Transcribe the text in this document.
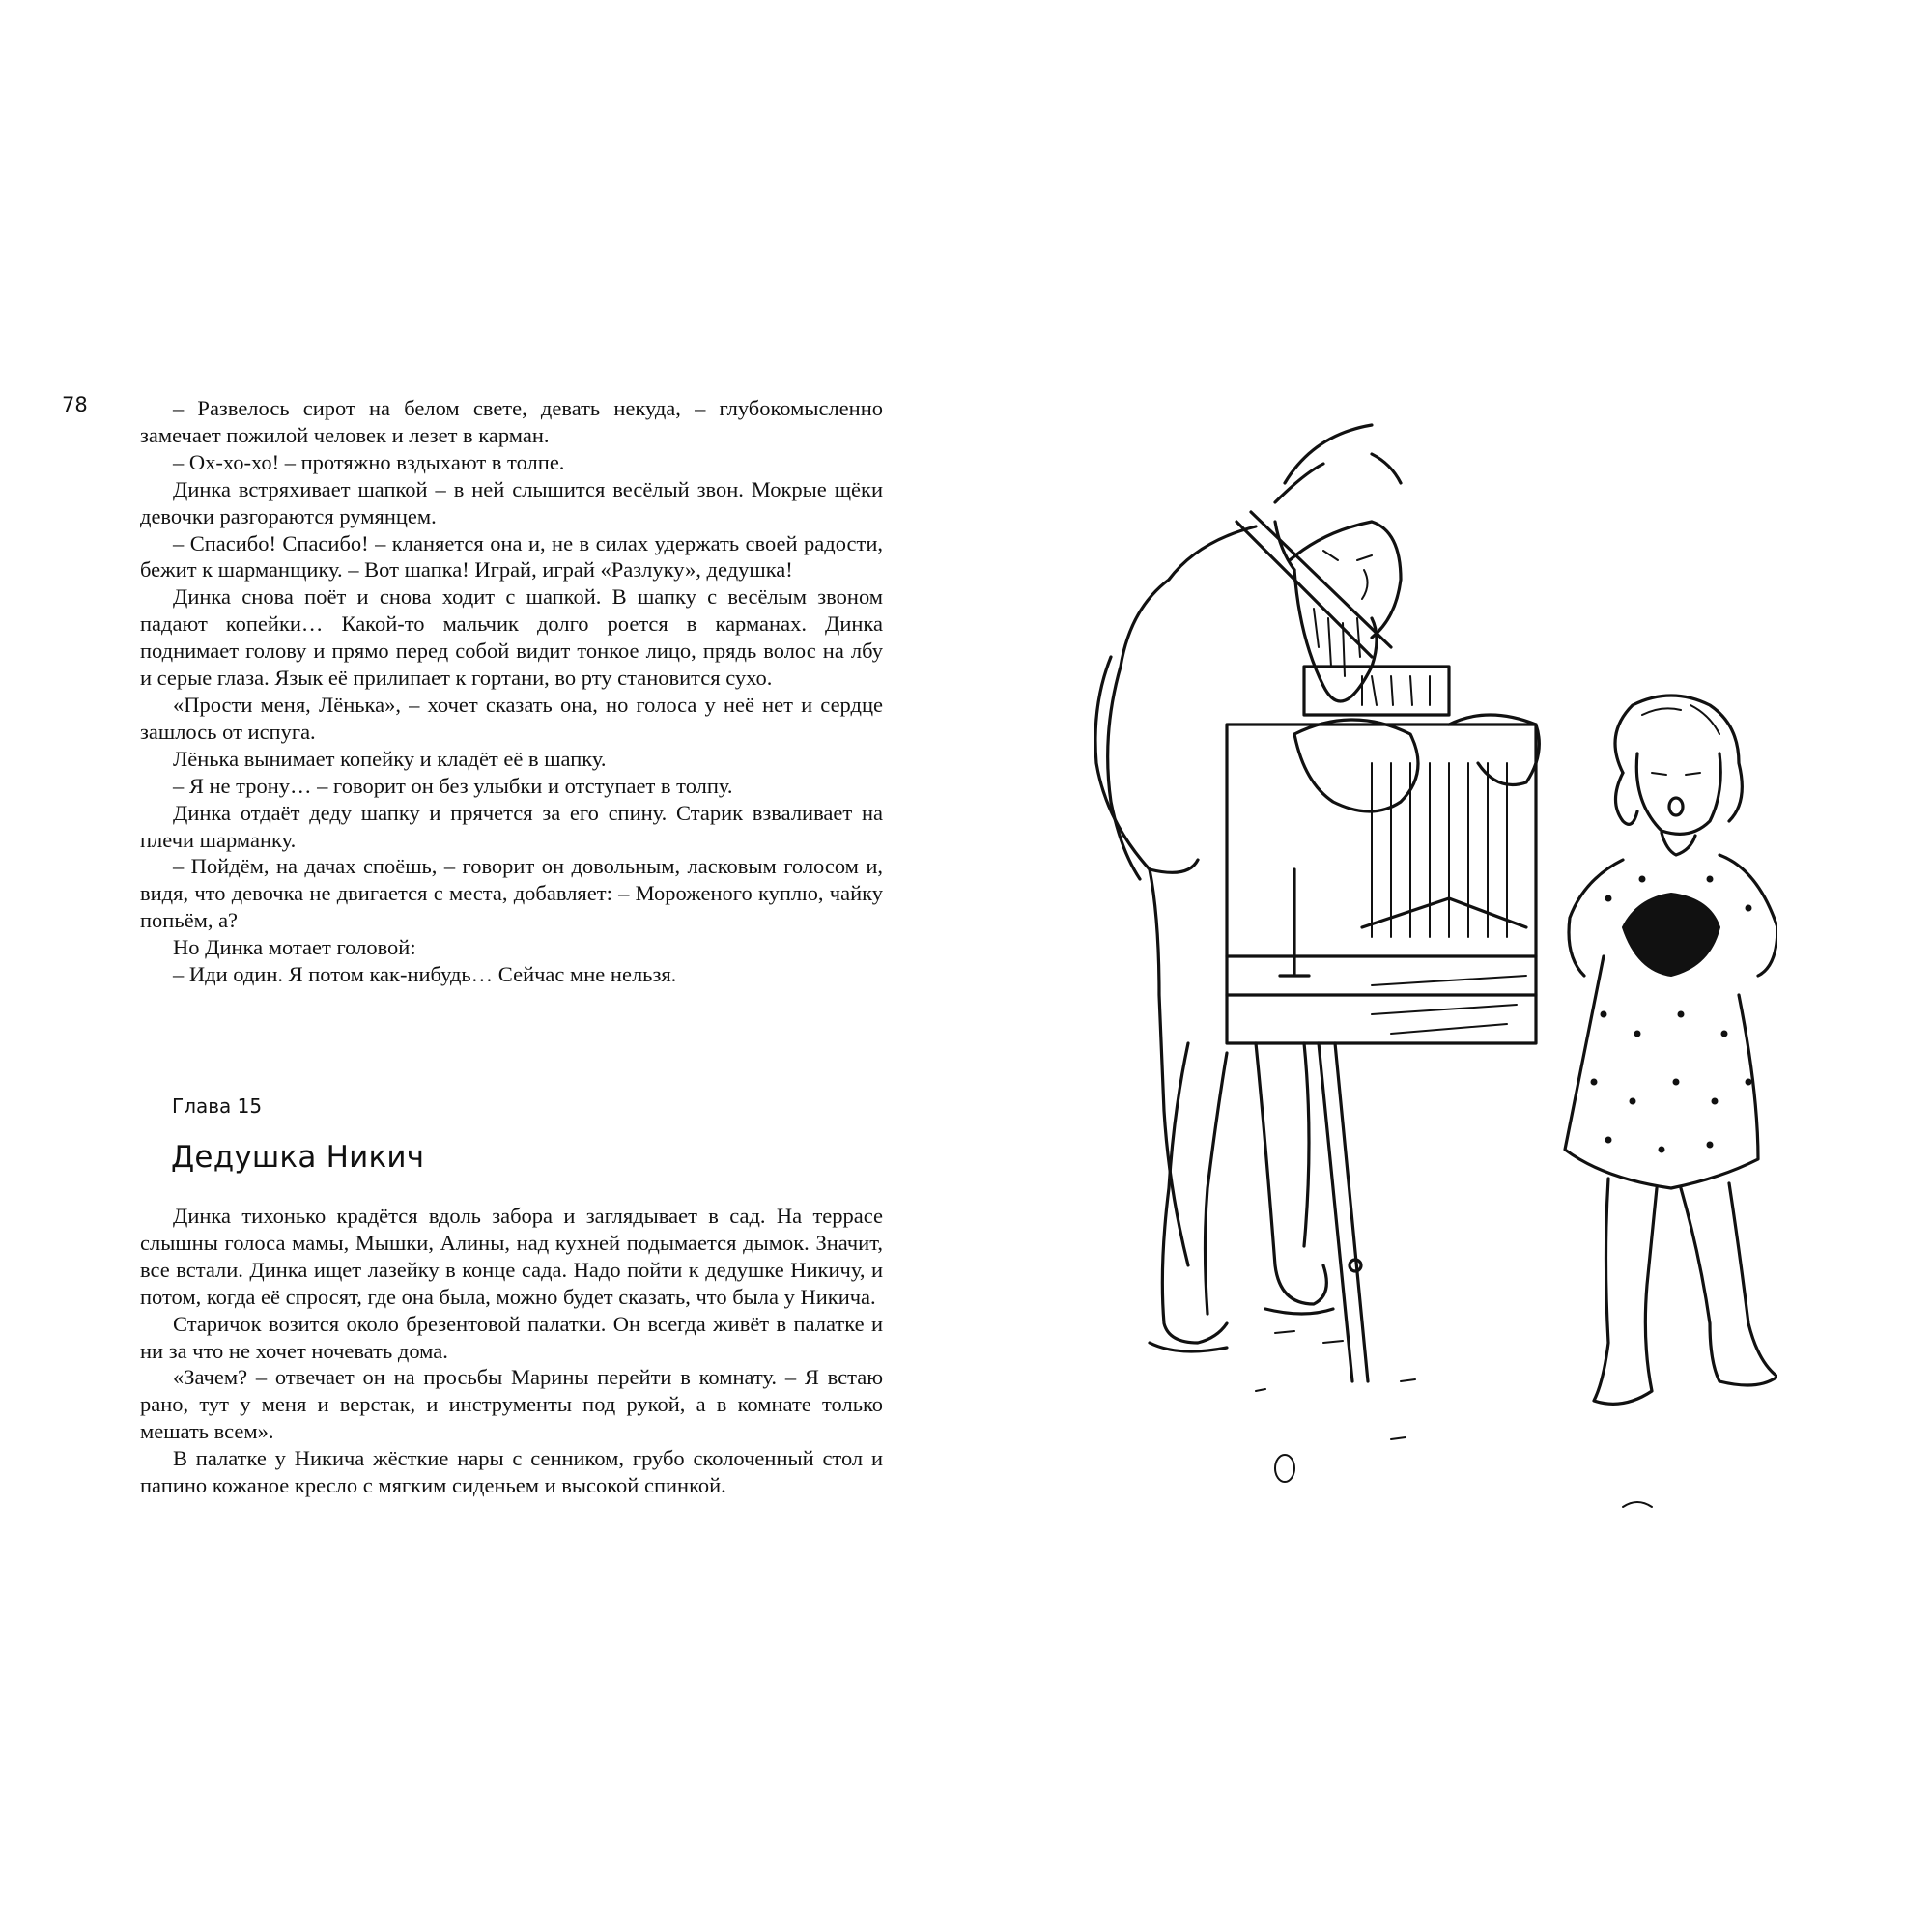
78	– Развелось сирот на белом свете, девать некуда, – глубокомысленно замечает пожилой человек и лезет в карман.

– Ох-хо-хо! – протяжно вздыхают в толпе.

Динка встряхивает шапкой – в ней слышится весёлый звон. Мокрые щёки девочки разгораются румянцем.

– Спасибо! Спасибо! – кланяется она и, не в силах удержать своей радости, бежит к шарманщику. – Вот шапка! Играй, играй «Разлуку», дедушка!

Динка снова поёт и снова ходит с шапкой. В шапку с весёлым звоном падают копейки… Какой-то мальчик долго роется в карманах. Динка поднимает голову и прямо перед собой видит тонкое лицо, прядь волос на лбу и серые глаза. Язык её прилипает к гортани, во рту становится сухо.

«Прости меня, Лёнька», – хочет сказать она, но голоса у неё нет и сердце зашлось от испуга.

Лёнька вынимает копейку и кладёт её в шапку.

– Я не трону… – говорит он без улыбки и отступает в толпу.

Динка отдаёт деду шапку и прячется за его спину. Старик взваливает на плечи шарманку.

– Пойдём, на дачах споёшь, – говорит он довольным, ласковым голосом и, видя, что девочка не двигается с места, добавляет: – Мороженого куплю, чайку попьём, а?

Но Динка мотает головой:

– Иди один. Я потом как-нибудь… Сейчас мне нельзя.

Глава 15
Дедушка Никич

Динка тихонько крадётся вдоль забора и заглядывает в сад. На террасе слышны голоса мамы, Мышки, Алины, над кухней подымается дымок. Значит, все встали. Динка ищет лазейку в конце сада. Надо пойти к дедушке Никичу, и потом, когда её спросят, где она была, можно будет сказать, что была у Никича.

Старичок возится около брезентовой палатки. Он всегда живёт в палатке и ни за что не хочет ночевать дома.

«Зачем? – отвечает он на просьбы Марины перейти в комнату. – Я встаю рано, тут у меня и верстак, и инструменты под рукой, а в комнате только мешать всем».

В палатке у Никича жёсткие нары с сенником, грубо сколоченный стол и папино кожаное кресло с мягким сиденьем и высокой спинкой.
